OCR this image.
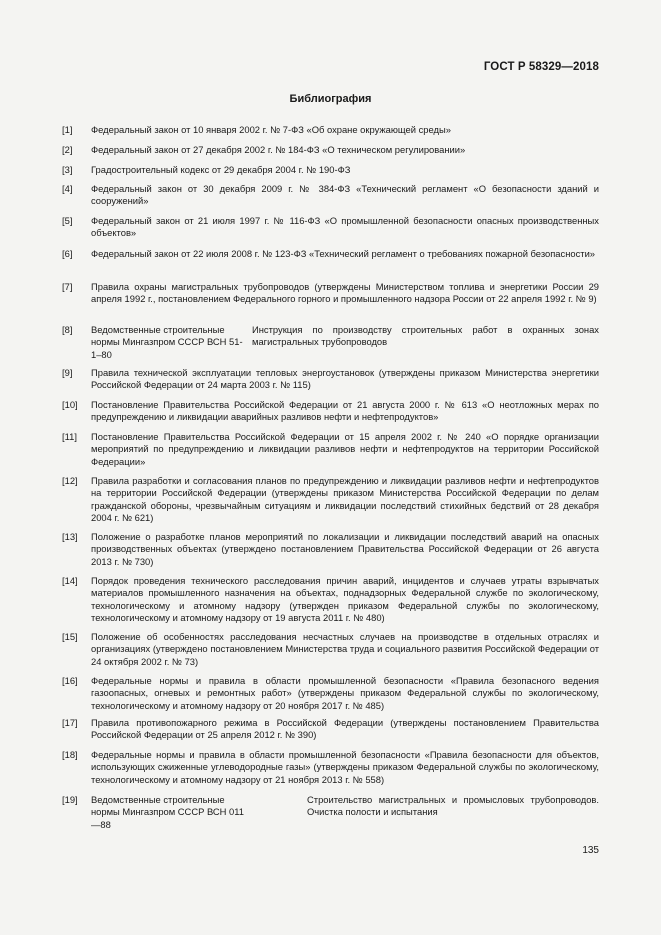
ГОСТ Р 58329—2018
Библиография
[1] Федеральный закон от 10 января 2002 г. № 7-ФЗ «Об охране окружающей среды»
[2] Федеральный закон от 27 декабря 2002 г. № 184-ФЗ «О техническом регулировании»
[3] Градостроительный кодекс от 29 декабря 2004 г. № 190-ФЗ
[4] Федеральный закон от 30 декабря 2009 г. № 384-ФЗ «Технический регламент «О безопасности зданий и сооружений»
[5] Федеральный закон от 21 июля 1997 г. № 116-ФЗ «О промышленной безопасности опасных производственных объектов»
[6] Федеральный закон от 22 июля 2008 г. № 123-ФЗ «Технический регламент о требованиях пожарной безопасности»
[7] Правила охраны магистральных трубопроводов (утверждены Министерством топлива и энергетики России 29 апреля 1992 г., постановлением Федерального горного и промышленного надзора России от 22 апреля 1992 г. № 9)
[8] Ведомственные строительные нормы Мингазпром СССР ВСН 51-1–80
Инструкция по производству строительных работ в охранных зонах магистральных трубопроводов
[9] Правила технической эксплуатации тепловых энергоустановок (утверждены приказом Министерства энергетики Российской Федерации от 24 марта 2003 г. № 115)
[10] Постановление Правительства Российской Федерации от 21 августа 2000 г. № 613 «О неотложных мерах по предупреждению и ликвидации аварийных разливов нефти и нефтепродуктов»
[11] Постановление Правительства Российской Федерации от 15 апреля 2002 г. № 240 «О порядке организации мероприятий по предупреждению и ликвидации разливов нефти и нефтепродуктов на территории Российской Федерации»
[12] Правила разработки и согласования планов по предупреждению и ликвидации разливов нефти и нефтепродуктов на территории Российской Федерации (утверждены приказом Министерства Российской Федерации по делам гражданской обороны, чрезвычайным ситуациям и ликвидации последствий стихийных бедствий от 28 декабря 2004 г. № 621)
[13] Положение о разработке планов мероприятий по локализации и ликвидации последствий аварий на опасных производственных объектах (утверждено постановлением Правительства Российской Федерации от 26 августа 2013 г. № 730)
[14] Порядок проведения технического расследования причин аварий, инцидентов и случаев утраты взрывчатых материалов промышленного назначения на объектах, поднадзорных Федеральной службе по экологическому, технологическому и атомному надзору (утвержден приказом Федеральной службы по экологическому, технологическому и атомному надзору от 19 августа 2011 г. № 480)
[15] Положение об особенностях расследования несчастных случаев на производстве в отдельных отраслях и организациях (утверждено постановлением Министерства труда и социального развития Российской Федерации от 24 октября 2002 г. № 73)
[16] Федеральные нормы и правила в области промышленной безопасности «Правила безопасного ведения газоопасных, огневых и ремонтных работ» (утверждены приказом Федеральной службы по экологическому, технологическому и атомному надзору от 20 ноября 2017 г. № 485)
[17] Правила противопожарного режима в Российской Федерации (утверждены постановлением Правительства Российской Федерации от 25 апреля 2012 г. № 390)
[18] Федеральные нормы и правила в области промышленной безопасности «Правила безопасности для объектов, использующих сжиженные углеводородные газы» (утверждены приказом Федеральной службы по экологическому, технологическому и атомному надзору от 21 ноября 2013 г. № 558)
[19] Ведомственные строительные нормы Мингазпром СССР ВСН 011—88
Строительство магистральных и промысловых трубопроводов. Очистка полости и испытания
135
